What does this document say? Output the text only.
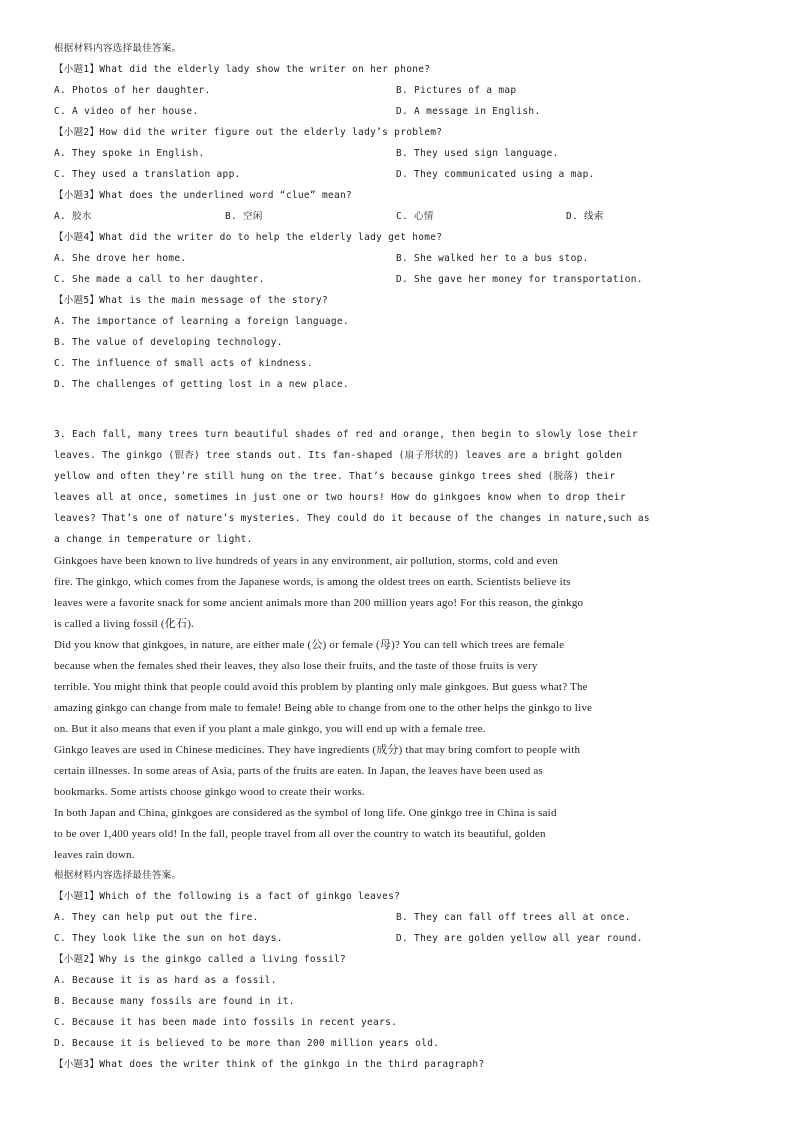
根据材料内容选择最佳答案。
【小题1】What did the elderly lady show the writer on her phone?
A. Photos of her daughter.	B. Pictures of a map
C. A video of her house.	D. A message in English.
【小题2】How did the writer figure out the elderly lady’s problem?
A. They spoke in English.	B. They used sign language.
C. They used a translation app.	D. They communicated using a map.
【小题3】What does the underlined word “clue” mean?
A. 胶水	B. 空闲	C. 心情	D. 线索
【小题4】What did the writer do to help the elderly lady get home?
A. She drove her home.	B. She walked her to a bus stop.
C. She made a call to her daughter.	D. She gave her money for transportation.
【小题5】What is the main message of the story?
A. The importance of learning a foreign language.
B. The value of developing technology.
C. The influence of small acts of kindness.
D. The challenges of getting lost in a new place.
3. Each fall, many trees turn beautiful shades of red and orange, then begin to slowly lose their
leaves. The ginkgo (银杏) tree stands out. Its fan-shaped (扇子形状的) leaves are a bright golden
yellow and often they’re still hung on the tree. That’s because ginkgo trees shed (脱落) their
leaves all at once, sometimes in just one or two hours! How do ginkgoes know when to drop their
leaves? That’s one of nature’s mysteries. They could do it because of the changes in nature,such as
a change in temperature or light.
Ginkgoes have been known to live hundreds of years in any environment, air pollution, storms, cold and even
fire. The ginkgo, which comes from the Japanese words, is among the oldest trees on earth. Scientists believe its
leaves were a favorite snack for some ancient animals more than 200 million years ago! For this reason, the ginkgo
is called a living fossil (化石).
Did you know that ginkgoes, in nature, are either male (公) or female (母)? You can tell which trees are female
because when the females shed their leaves, they also lose their fruits, and the taste of those fruits is very
terrible. You might think that people could avoid this problem by planting only male ginkgoes. But guess what? The
amazing ginkgo can change from male to female! Being able to change from one to the other helps the ginkgo to live
on. But it also means that even if you plant a male ginkgo, you will end up with a female tree.
Ginkgo leaves are used in Chinese medicines. They have ingredients (成分) that may bring comfort to people with
certain illnesses. In some areas of Asia, parts of the fruits are eaten. In Japan, the leaves have been used as
bookmarks. Some artists choose ginkgo wood to create their works.
In both Japan and China, ginkgoes are considered as the symbol of long life. One ginkgo tree in China is said
to be over 1,400 years old! In the fall, people travel from all over the country to watch its beautiful, golden
leaves rain down.
根据材料内容选择最佳答案。
【小题1】Which of the following is a fact of ginkgo leaves?
A. They can help put out the fire.	B. They can fall off trees all at once.
C. They look like the sun on hot days.	D. They are golden yellow all year round.
【小题2】Why is the ginkgo called a living fossil?
A. Because it is as hard as a fossil.
B. Because many fossils are found in it.
C. Because it has been made into fossils in recent years.
D. Because it is believed to be more than 200 million years old.
【小题3】What does the writer think of the ginkgo in the third paragraph?
